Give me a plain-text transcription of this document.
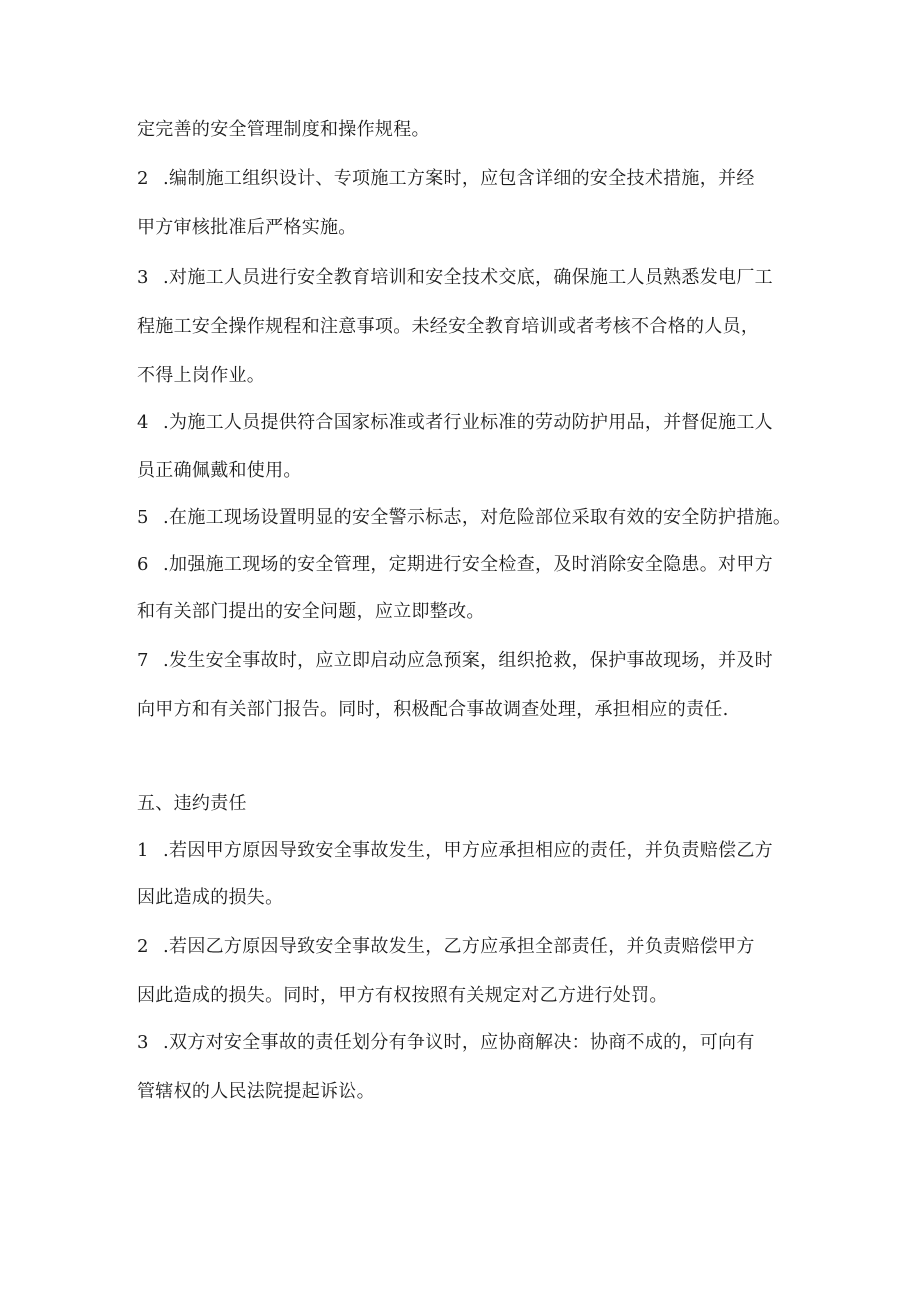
定完善的安全管理制度和操作规程。
2 .编制施工组织设计、专项施工方案时，应包含详细的安全技术措施，并经
甲方审核批准后严格实施。
3 .对施工人员进行安全教育培训和安全技术交底，确保施工人员熟悉发电厂工
程施工安全操作规程和注意事项。未经安全教育培训或者考核不合格的人员，
不得上岗作业。
4 .为施工人员提供符合国家标准或者行业标准的劳动防护用品，并督促施工人
员正确佩戴和使用。
5 .在施工现场设置明显的安全警示标志，对危险部位采取有效的安全防护措施。
6 .加强施工现场的安全管理，定期进行安全检查，及时消除安全隐患。对甲方
和有关部门提出的安全问题，应立即整改。
7 .发生安全事故时，应立即启动应急预案，组织抢救，保护事故现场，并及时
向甲方和有关部门报告。同时，积极配合事故调查处理，承担相应的责任.
五、违约责任
1 .若因甲方原因导致安全事故发生，甲方应承担相应的责任，并负责赔偿乙方
因此造成的损失。
2 .若因乙方原因导致安全事故发生，乙方应承担全部责任，并负责赔偿甲方
因此造成的损失。同时，甲方有权按照有关规定对乙方进行处罚。
3 .双方对安全事故的责任划分有争议时，应协商解决：协商不成的，可向有
管辖权的人民法院提起诉讼。
